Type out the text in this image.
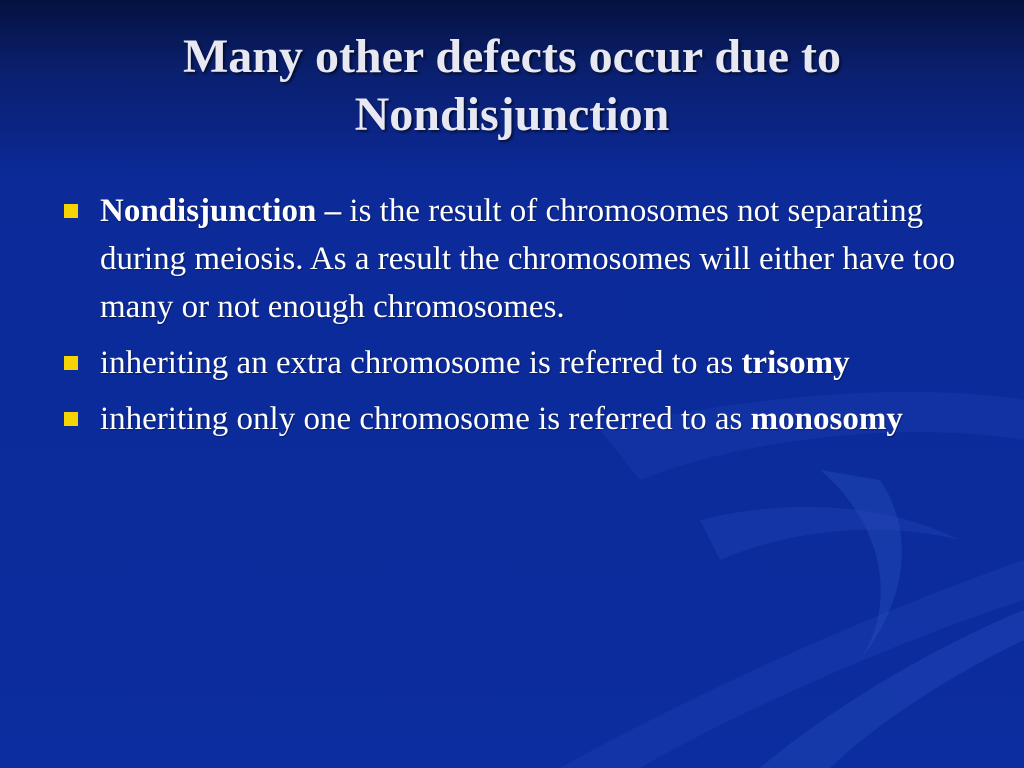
Many other defects occur due to
Nondisjunction
Nondisjunction – is the result of chromosomes not separating during meiosis. As a result the chromosomes will either have too many or not enough chromosomes.
inheriting an extra chromosome is referred to as trisomy
inheriting only one chromosome is referred to as monosomy
